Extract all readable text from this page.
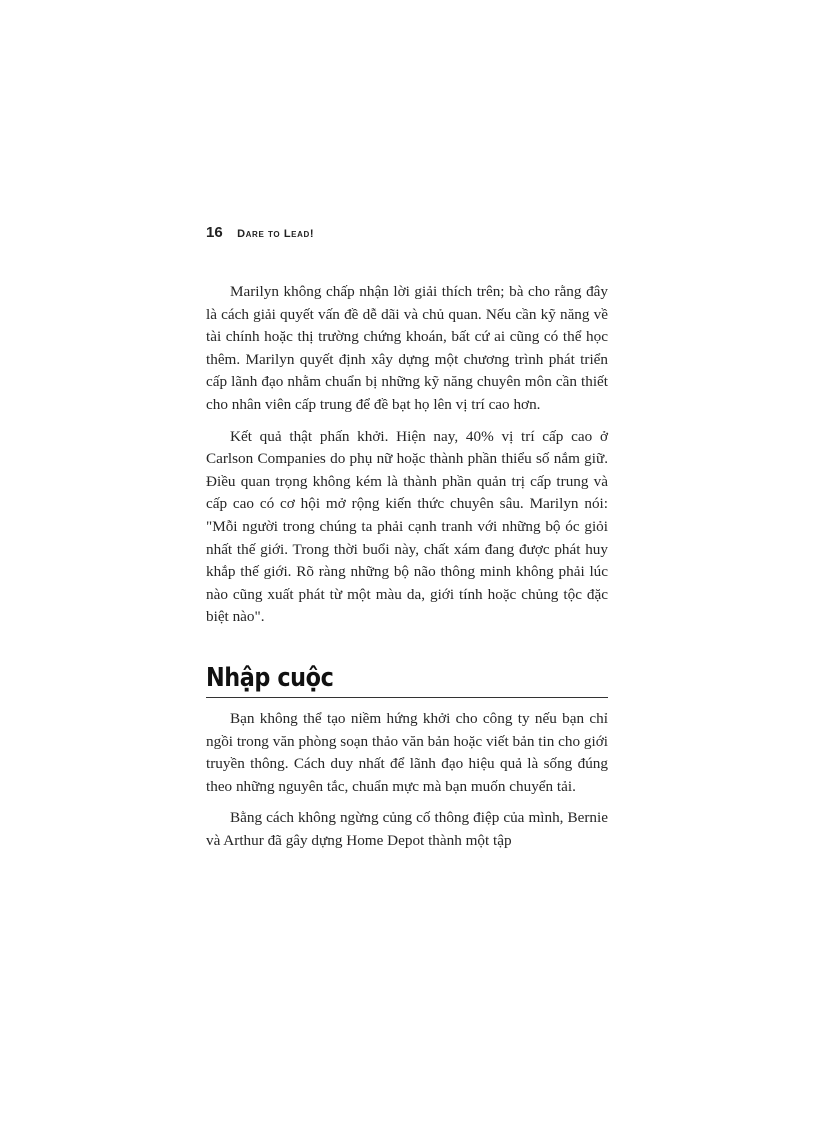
16 Dare to Lead!

Marilyn không chấp nhận lời giải thích trên; bà cho rằng đây là cách giải quyết vấn đề dễ dãi và chủ quan. Nếu cần kỹ năng về tài chính hoặc thị trường chứng khoán, bất cứ ai cũng có thể học thêm. Marilyn quyết định xây dựng một chương trình phát triển cấp lãnh đạo nhằm chuẩn bị những kỹ năng chuyên môn cần thiết cho nhân viên cấp trung để đề bạt họ lên vị trí cao hơn.

Kết quả thật phấn khởi. Hiện nay, 40% vị trí cấp cao ở Carlson Companies do phụ nữ hoặc thành phần thiểu số nắm giữ. Điều quan trọng không kém là thành phần quản trị cấp trung và cấp cao có cơ hội mở rộng kiến thức chuyên sâu. Marilyn nói: "Mỗi người trong chúng ta phải cạnh tranh với những bộ óc giỏi nhất thế giới. Trong thời buổi này, chất xám đang được phát huy khắp thế giới. Rõ ràng những bộ não thông minh không phải lúc nào cũng xuất phát từ một màu da, giới tính hoặc chủng tộc đặc biệt nào".

Nhập cuộc

Bạn không thể tạo niềm hứng khởi cho công ty nếu bạn chỉ ngồi trong văn phòng soạn thảo văn bản hoặc viết bản tin cho giới truyền thông. Cách duy nhất để lãnh đạo hiệu quả là sống đúng theo những nguyên tắc, chuẩn mực mà bạn muốn chuyển tải.

Bằng cách không ngừng củng cố thông điệp của mình, Bernie và Arthur đã gây dựng Home Depot thành một tập
